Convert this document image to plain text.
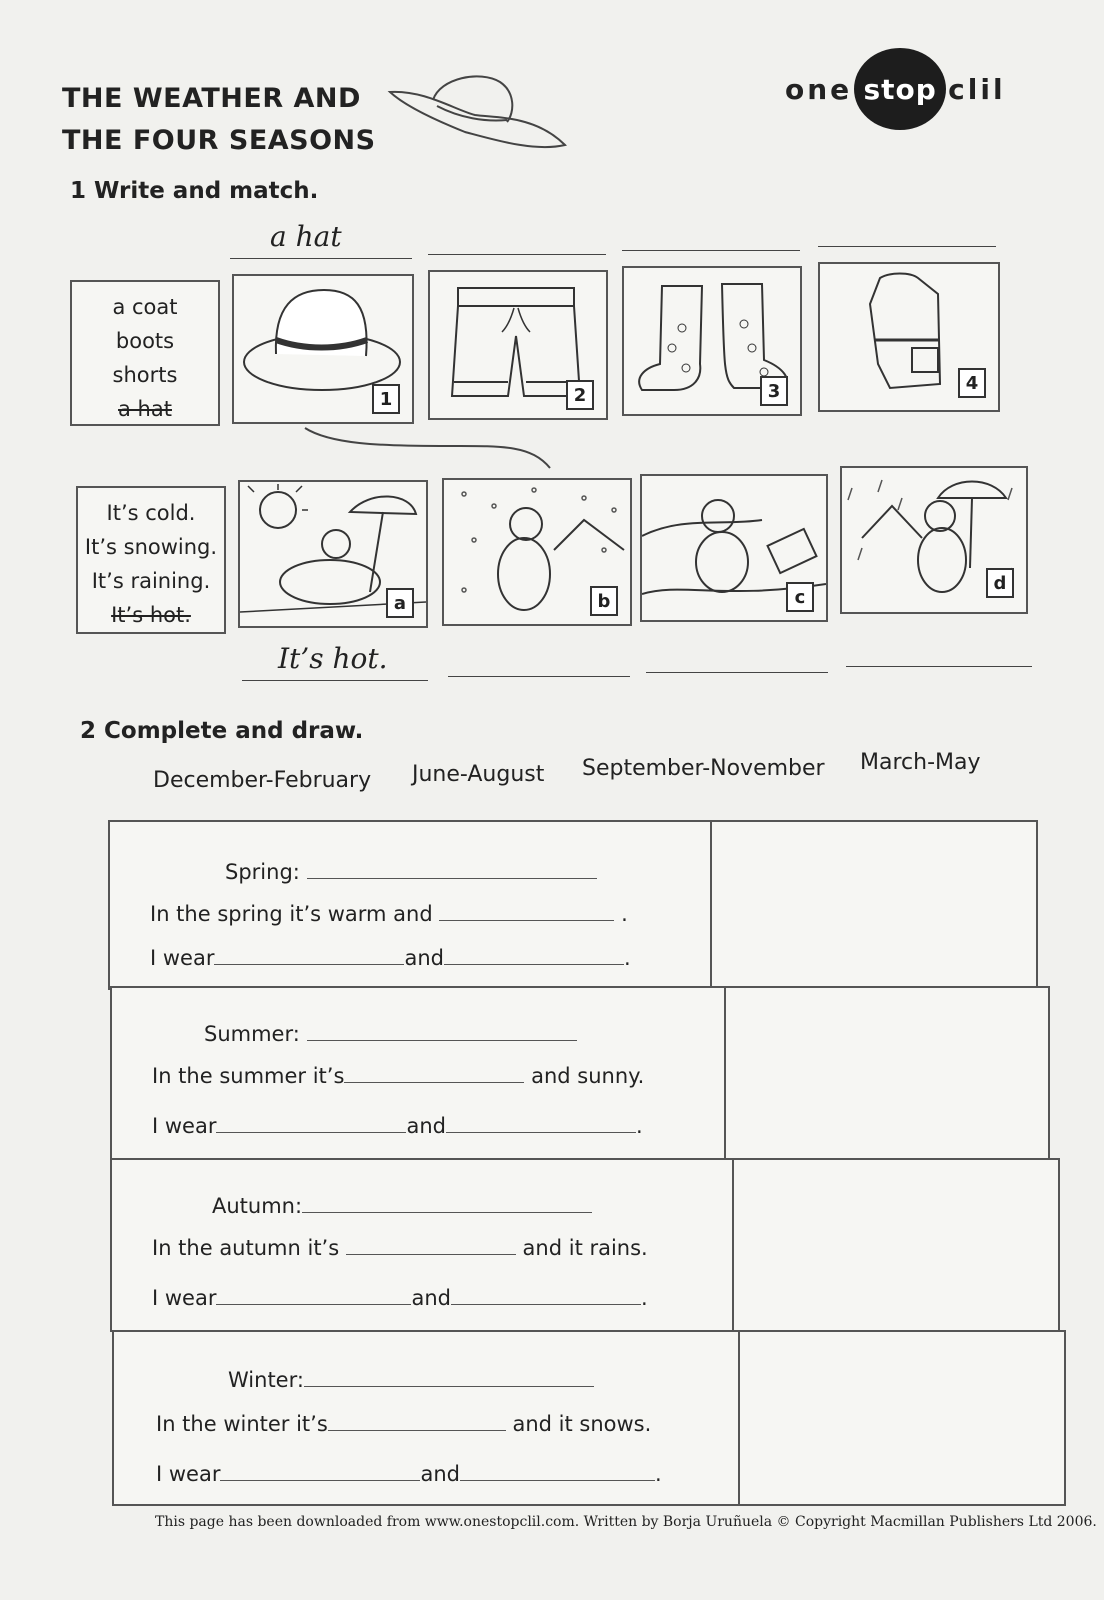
THE WEATHER AND
THE FOUR SEASONS
one stop clil
1 Write and match.
a hat
a coat
boots
shorts
a hat	1	2	3	4
It’s cold.
It’s snowing.
It’s raining.
It’s hot.	a	b	c
d
It’s hot.
2 Complete and draw.
December-February June-August September-November March-May
Spring:
In the spring it’s warm and	.
I wear	and	.
Summer:
In the summer it’s	and sunny.
I wear	and	.
Autumn:
In the autumn it’s	and it rains.
I wear	and	.
Winter:
In the winter it’s	and it snows.
I wear	and	.
This page has been downloaded from www.onestopclil.com. Written by Borja Uruñuela © Copyright Macmillan Publishers Ltd 2006.
